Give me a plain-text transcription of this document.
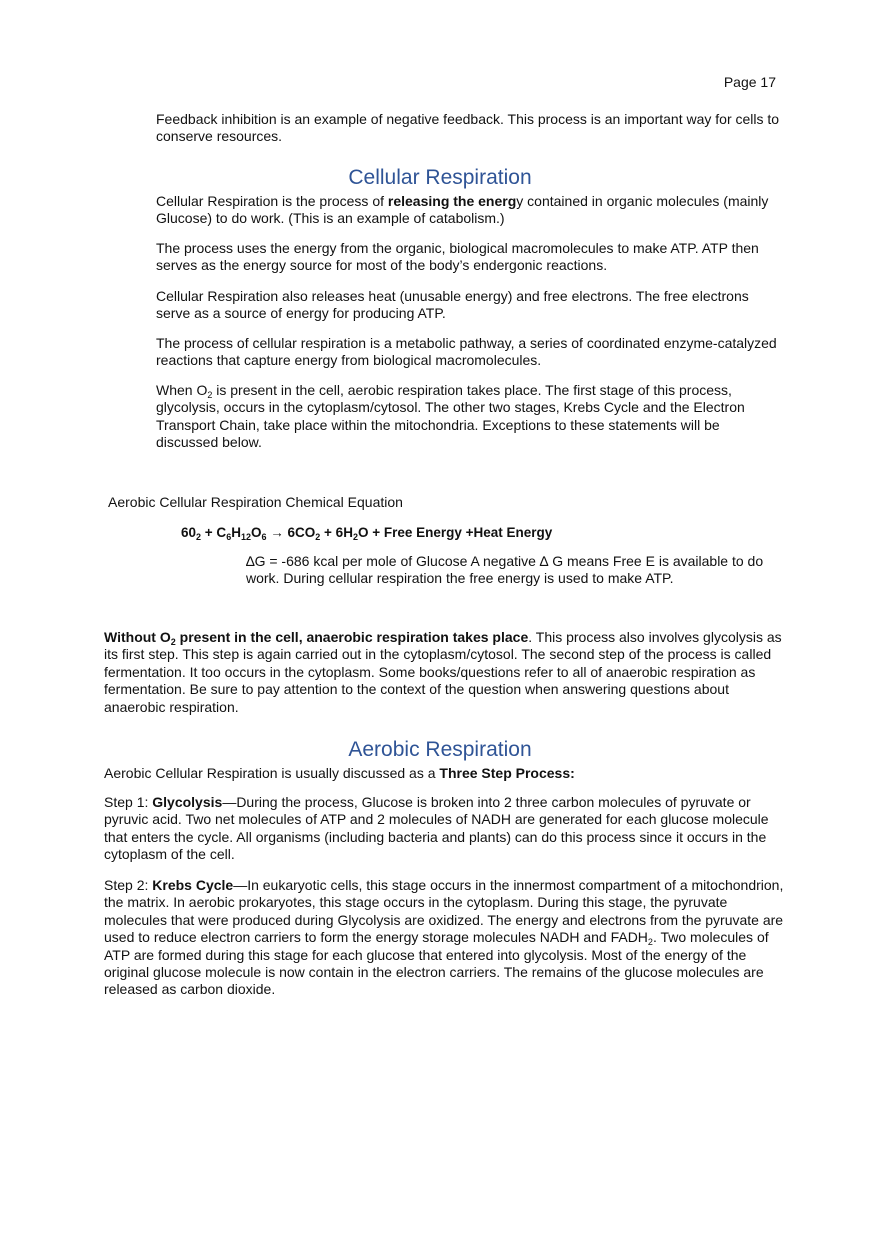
Page 17

Feedback inhibition is an example of negative feedback. This process is an important way for cells to conserve resources.

Cellular Respiration

Cellular Respiration is the process of releasing the energy contained in organic molecules (mainly Glucose) to do work. (This is an example of catabolism.)

The process uses the energy from the organic, biological macromolecules to make ATP. ATP then serves as the energy source for most of the body’s endergonic reactions.

Cellular Respiration also releases heat (unusable energy) and free electrons. The free electrons serve as a source of energy for producing ATP.

The process of cellular respiration is a metabolic pathway, a series of coordinated enzyme-catalyzed reactions that capture energy from biological macromolecules.

When $O_2$ is present in the cell, aerobic respiration takes place. The first stage of this process, glycolysis, occurs in the cytoplasm/cytosol. The other two stages, Krebs Cycle and the Electron Transport Chain, take place within the mitochondria. Exceptions to these statements will be discussed below.

Aerobic Cellular Respiration Chemical Equation

$60_2 + C_6H_{12}O_6 \to 6CO_2 + 6H_2O$ + Free Energy +Heat Energy

∆G = -686 kcal per mole of Glucose A negative ∆ G means Free E is available to do work. During cellular respiration the free energy is used to make ATP.

Without $O_2$ present in the cell, anaerobic respiration takes place. This process also involves glycolysis as its first step. This step is again carried out in the cytoplasm/cytosol. The second step of the process is called fermentation. It too occurs in the cytoplasm. Some books/questions refer to all of anaerobic respiration as fermentation. Be sure to pay attention to the context of the question when answering questions about anaerobic respiration.

Aerobic Respiration

Aerobic Cellular Respiration is usually discussed as a Three Step Process:

Step 1: Glycolysis—During the process, Glucose is broken into 2 three carbon molecules of pyruvate or pyruvic acid. Two net molecules of ATP and 2 molecules of NADH are generated for each glucose molecule that enters the cycle. All organisms (including bacteria and plants) can do this process since it occurs in the cytoplasm of the cell.

Step 2: Krebs Cycle—In eukaryotic cells, this stage occurs in the innermost compartment of a mitochondrion, the matrix. In aerobic prokaryotes, this stage occurs in the cytoplasm. During this stage, the pyruvate molecules that were produced during Glycolysis are oxidized. The energy and electrons from the pyruvate are used to reduce electron carriers to form the energy storage molecules NADH and $FADH_2$. Two molecules of ATP are formed during this stage for each glucose that entered into glycolysis. Most of the energy of the original glucose molecule is now contain in the electron carriers. The remains of the glucose molecules are released as carbon dioxide.
